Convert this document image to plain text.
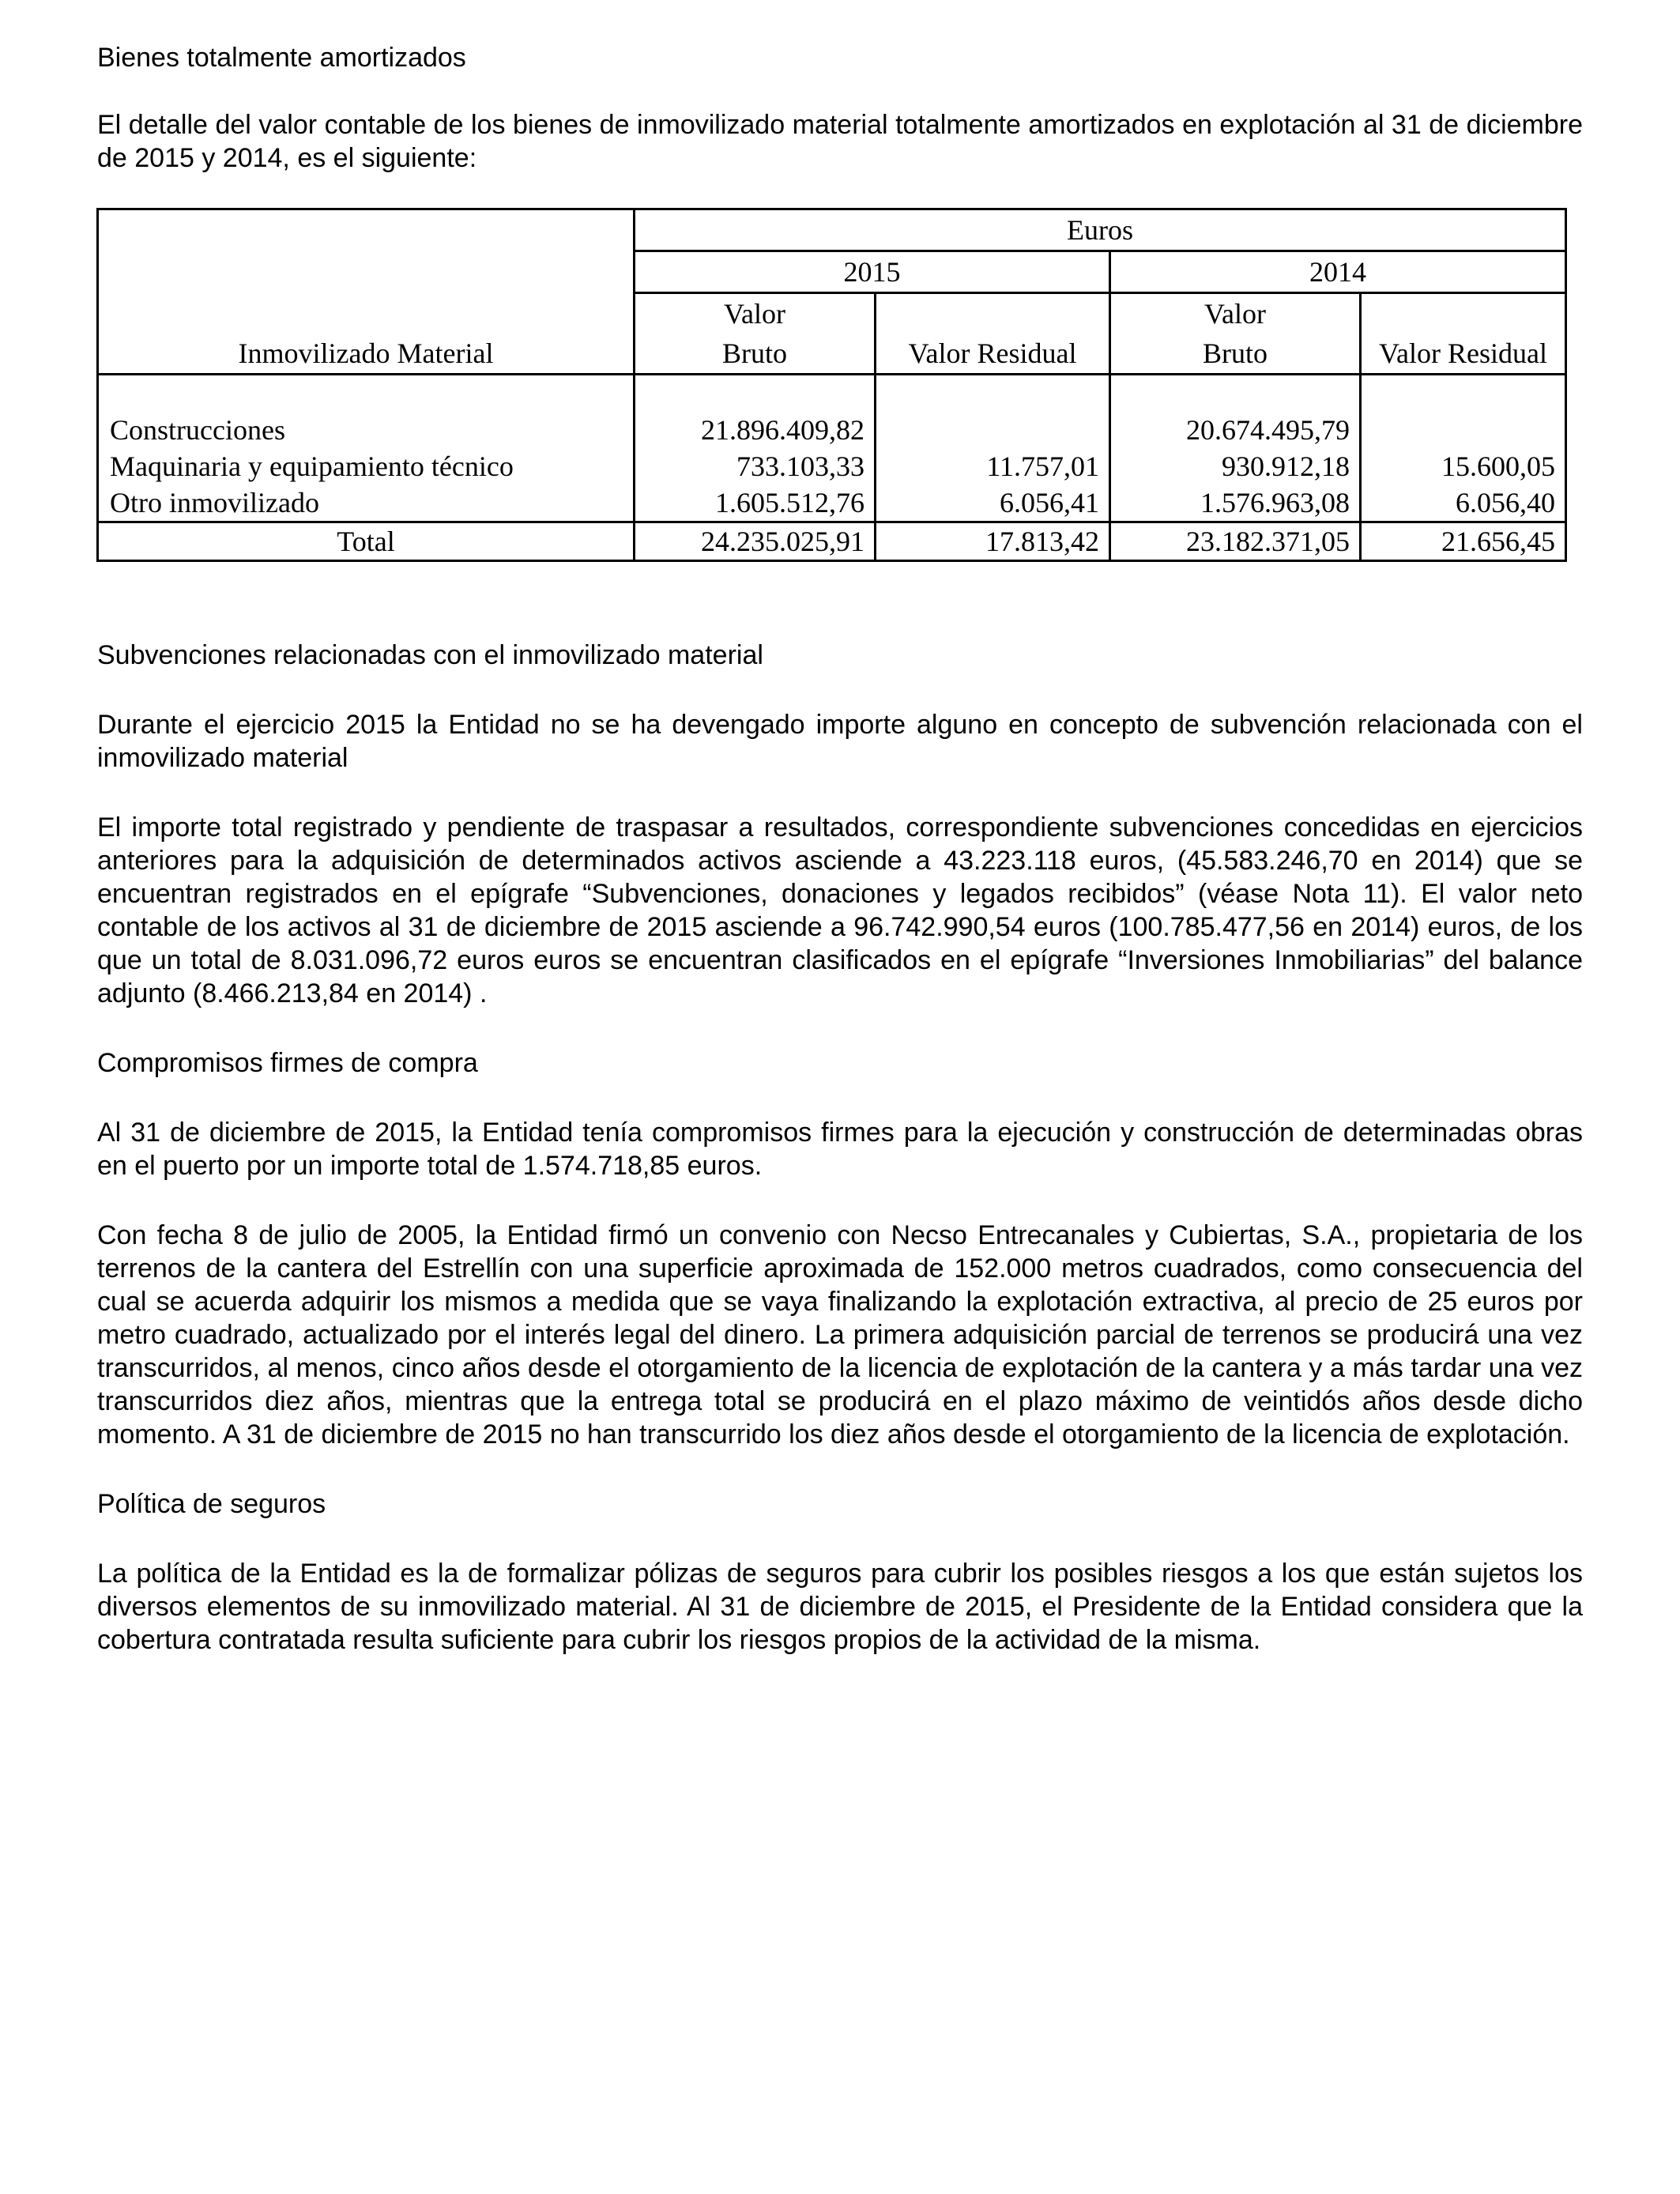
Bienes totalmente amortizados

El detalle del valor contable de los bienes de inmovilizado material totalmente amortizados en explotación al 31 de diciembre de 2015 y 2014, es el siguiente:

	Euros			
	2015		2014	
	Valor	Valor Residual	Valor	Valor Residual
Inmovilizado Material	Bruto		Bruto	

Construcciones	21.896.409,82		20.674.495,79	
Maquinaria y equipamiento técnico	733.103,33	11.757,01	930.912,18	15.600,05
Otro inmovilizado	1.605.512,76	6.056,41	1.576.963,08	6.056,40
Total	24.235.025,91	17.813,42	23.182.371,05	21.656,45

Subvenciones relacionadas con el inmovilizado material

Durante el ejercicio 2015 la Entidad no se ha devengado importe alguno en concepto de subvención relacionada con el inmovilizado material

El importe total registrado y pendiente de traspasar a resultados, correspondiente subvenciones concedidas en ejercicios anteriores para la adquisición de determinados activos asciende a 43.223.118 euros, (45.583.246,70 en 2014) que se encuentran registrados en el epígrafe “Subvenciones, donaciones y legados recibidos” (véase Nota 11). El valor neto contable de los activos al 31 de diciembre de 2015 asciende a 96.742.990,54 euros (100.785.477,56 en 2014) euros, de los que un total de 8.031.096,72 euros euros se encuentran clasificados en el epígrafe “Inversiones Inmobiliarias” del balance adjunto (8.466.213,84 en 2014) .

Compromisos firmes de compra

Al 31 de diciembre de 2015, la Entidad tenía compromisos firmes para la ejecución y construcción de determinadas obras en el puerto por un importe total de 1.574.718,85 euros.

Con fecha 8 de julio de 2005, la Entidad firmó un convenio con Necso Entrecanales y Cubiertas, S.A., propietaria de los terrenos de la cantera del Estrellín con una superficie aproximada de 152.000 metros cuadrados, como consecuencia del cual se acuerda adquirir los mismos a medida que se vaya finalizando la explotación extractiva, al precio de 25 euros por metro cuadrado, actualizado por el interés legal del dinero. La primera adquisición parcial de terrenos se producirá una vez transcurridos, al menos, cinco años desde el otorgamiento de la licencia de explotación de la cantera y a más tardar una vez transcurridos diez años, mientras que la entrega total se producirá en el plazo máximo de veintidós años desde dicho momento. A 31 de diciembre de 2015 no han transcurrido los diez años desde el otorgamiento de la licencia de explotación.

Política de seguros

La política de la Entidad es la de formalizar pólizas de seguros para cubrir los posibles riesgos a los que están sujetos los diversos elementos de su inmovilizado material. Al 31 de diciembre de 2015, el Presidente de la Entidad considera que la cobertura contratada resulta suficiente para cubrir los riesgos propios de la actividad de la misma.
